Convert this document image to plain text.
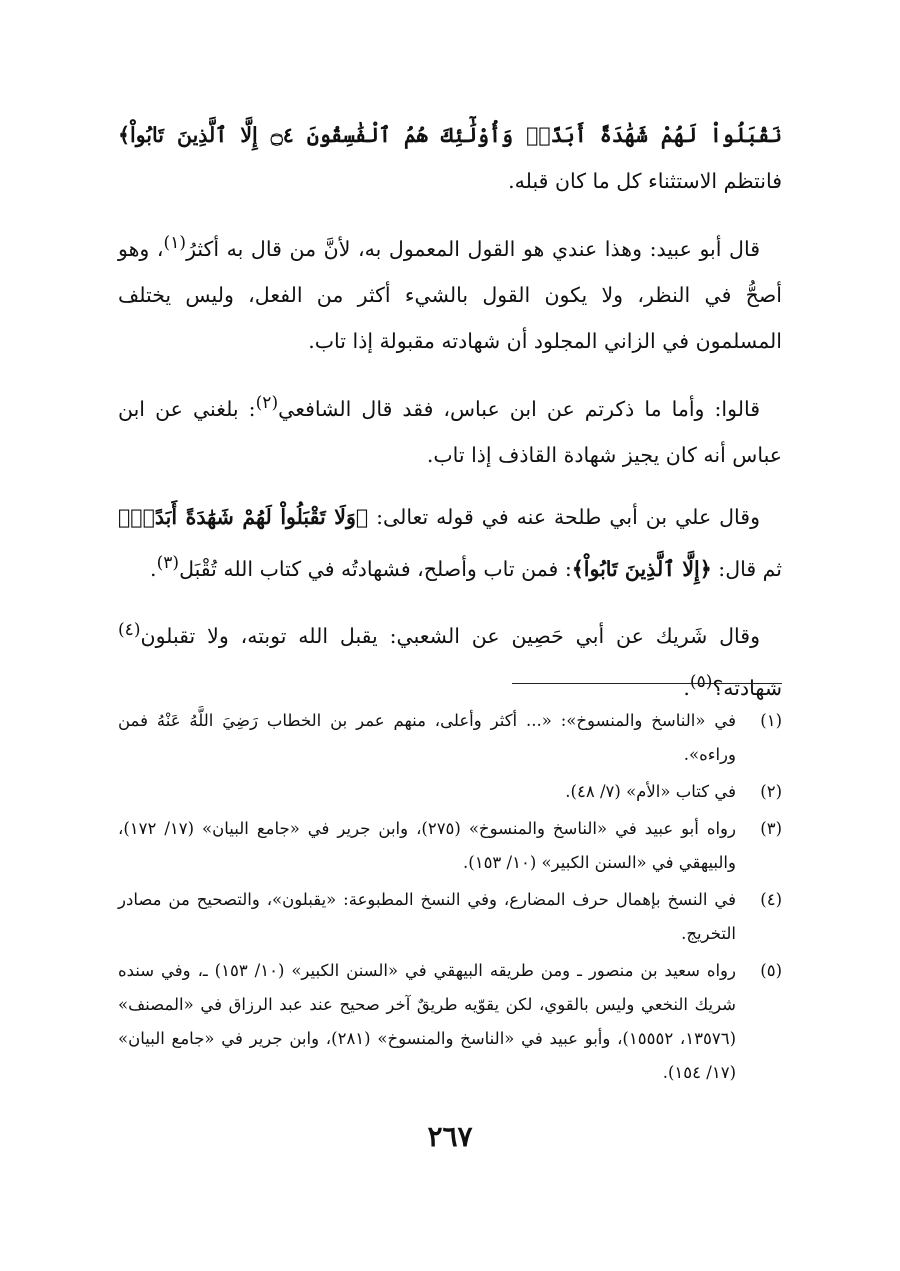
نَقْبَلُواْ لَهُمْ شَهَٰدَةً أَبَدًاۚ وَأُوْلَٰٓئِكَ هُمُ ٱلْفَٰسِقُونَ ۝٤ إِلَّا ٱلَّذِينَ تَابُواْ﴾ فانتظم الاستثناء كل ما كان قبله.

قال أبو عبيد: وهذا عندي هو القول المعمول به، لأنَّ من قال به أكثرُ$^{(١)}$، وهو أصحُّ في النظر، ولا يكون القول بالشيء أكثر من الفعل، وليس يختلف المسلمون في الزاني المجلود أن شهادته مقبولة إذا تاب.

قالوا: وأما ما ذكرتم عن ابن عباس، فقد قال الشافعي$^{(٢)}$: بلغني عن ابن عباس أنه كان يجيز شهادة القاذف إذا تاب.

وقال علي بن أبي طلحة عنه في قوله تعالى: ﴿وَلَا تَقْبَلُواْ لَهُمْ شَهَٰدَةً أَبَدًاۚ﴾ ثم قال: ﴿إِلَّا ٱلَّذِينَ تَابُواْ﴾: فمن تاب وأصلح، فشهادتُه في كتاب الله تُقْبَل$^{(٣)}$.

وقال شَريك عن أبي حَصِين عن الشعبي: يقبل الله توبته، ولا تقبلون$^{(٤)}$ شهادته؟$^{(٥)}$.

(١)
في «الناسخ والمنسوخ»: «... أكثر وأعلى، منهم عمر بن الخطاب رَضِيَ اللَّهُ عَنْهُ فمن وراءه».
(٢)
في كتاب «الأم» (٧/ ٤٨).
(٣)
رواه أبو عبيد في «الناسخ والمنسوخ» (٢٧٥)، وابن جرير في «جامع البيان» (١٧/ ١٧٢)، والبيهقي في «السنن الكبير» (١٠/ ١٥٣).
(٤)
في النسخ بإهمال حرف المضارع، وفي النسخ المطبوعة: «يقبلون»، والتصحيح من مصادر التخريج.
(٥)
رواه سعيد بن منصور ـ ومن طريقه البيهقي في «السنن الكبير» (١٠/ ١٥٣) ـ، وفي سنده شريك النخعي وليس بالقوي، لكن يقوّيه طريقٌ آخر صحيح عند عبد الرزاق في «المصنف» (١٣٥٧٦، ١٥٥٥٢)، وأبو عبيد في «الناسخ والمنسوخ» (٢٨١)، وابن جرير في «جامع البيان» (١٧/ ١٥٤).
٢٦٧
